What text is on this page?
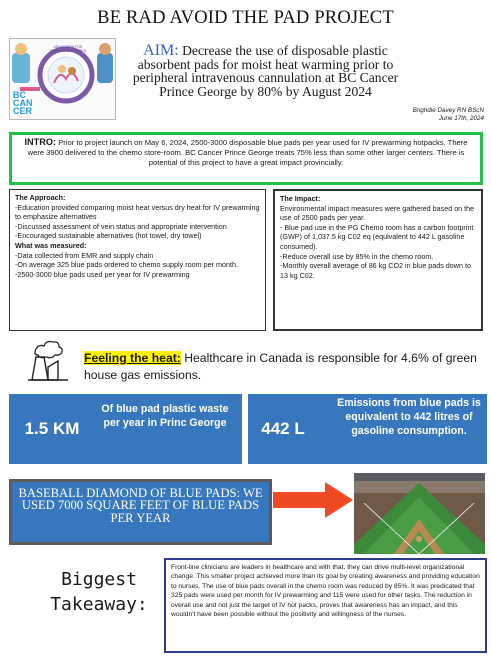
BE RAD AVOID THE PAD PROJECT
BC
CAN
CER
ADVOCATES FOR NURSING HOT PACKS	AIM: Decrease the use of disposable plastic absorbent pads for moist heat warming prior to peripheral intravenous cannulation at BC Cancer Prince George by 80% by August 2024
Brighdie Davey RN BScN
June 17th, 2024
INTRO: Prior to project launch on May 6, 2024, 2500-3000 disposable blue pads per year used for IV prewarming hotpacks. There were 3900 delivered to the chemo store-room. BC Cancer Prince George treats 75% less than some other larger centers. There is potential of this project to have a great impact provincially.
The Approach:
-Education provided comparing moist heat versus dry heat for IV prewarming to emphasize alternatives
-Discussed assessment of vein status and appropriate intervention
-Encouraged sustainable alternatives (hot towel, dry towel)
What was measured:
-Data collected from EMR and supply chain
-On average 325 blue pads ordered to chemo supply room per month.
-2500-3000 blue pads used per year for IV prewarming
The Impact:
Environmental impact measures were gathered based on the use of 2500 pads per year.
- Blue pad use in the PG Chemo room has a carbon footprint (GWP) of 1,037.5 kg C02 eq (equivalent to 442 L gasoline consumed).
-Reduce overall use by 85% in the chemo room.
-Monthly overall average of 86 kg CO2 in blue pads down to 13 kg C02.
Feeling the heat: Healthcare in Canada is responsible for 4.6% of green house gas emissions.
1.5 KM
Of blue pad plastic waste per year in Princ George	442 L
Emissions from blue pads is equivalent to 442 litres of gasoline consumption.
BASEBALL DIAMOND OF BLUE PADS: WE USED 7000 SQUARE FEET OF BLUE PADS PER YEAR
Biggest
Takeaway:
Front-line clinicians are leaders in healthcare and with that, they can drive multi-level organizational change. This smaller project achieved more than its goal by creating awareness and providing education to nurses. The use of blue pads overall in the chemo room was reduced by 85%. It was predicated that 325 pads were used per month for IV prewarming and 115 were used for other tasks. The reduction in overall use and not just the target of IV hot packs, proves that awareness has an impact, and this wouldn't have been possible without the positivity and willingness of the nurses.
